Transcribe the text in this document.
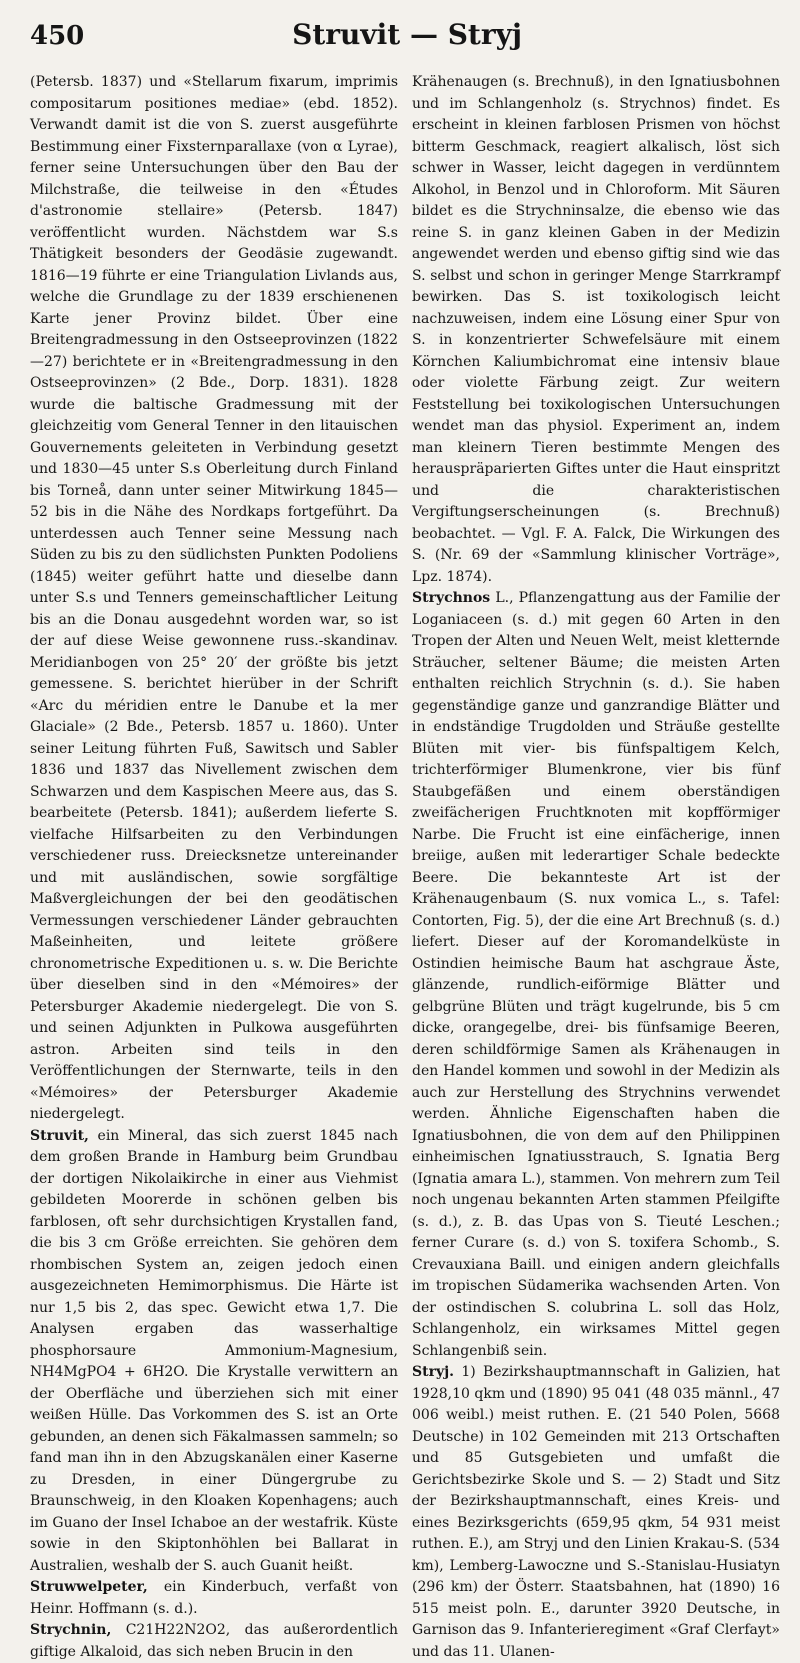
450	Struvit — Stryj

(Petersb. 1837) und «Stellarum fixarum, imprimis compositarum positiones mediae» (ebd. 1852). Verwandt damit ist die von S. zuerst ausgeführte Bestimmung einer Fixsternparallaxe (von α Lyrae), ferner seine Untersuchungen über den Bau der Milchstraße, die teilweise in den «Études d'astronomie stellaire» (Petersb. 1847) veröffentlicht wurden. Nächstdem war S.s Thätigkeit besonders der Geodäsie zugewandt. 1816—19 führte er eine Triangulation Livlands aus, welche die Grundlage zu der 1839 erschienenen Karte jener Provinz bildet. Über eine Breitengradmessung in den Ostseeprovinzen (1822—27) berichtete er in «Breitengradmessung in den Ostseeprovinzen» (2 Bde., Dorp. 1831). 1828 wurde die baltische Gradmessung mit der gleichzeitig vom General Tenner in den litauischen Gouvernements geleiteten in Verbindung gesetzt und 1830—45 unter S.s Oberleitung durch Finland bis Torneå, dann unter seiner Mitwirkung 1845—52 bis in die Nähe des Nordkaps fortgeführt. Da unterdessen auch Tenner seine Messung nach Süden zu bis zu den südlichsten Punkten Podoliens (1845) weiter geführt hatte und dieselbe dann unter S.s und Tenners gemeinschaftlicher Leitung bis an die Donau ausgedehnt worden war, so ist der auf diese Weise gewonnene russ.-skandinav. Meridianbogen von 25° 20′ der größte bis jetzt gemessene. S. berichtet hierüber in der Schrift «Arc du méridien entre le Danube et la mer Glaciale» (2 Bde., Petersb. 1857 u. 1860). Unter seiner Leitung führten Fuß, Sawitsch und Sabler 1836 und 1837 das Nivellement zwischen dem Schwarzen und dem Kaspischen Meere aus, das S. bearbeitete (Petersb. 1841); außerdem lieferte S. vielfache Hilfsarbeiten zu den Verbindungen verschiedener russ. Dreiecksnetze untereinander und mit ausländischen, sowie sorgfältige Maßvergleichungen der bei den geodätischen Vermessungen verschiedener Länder gebrauchten Maßeinheiten, und leitete größere chronometrische Expeditionen u. s. w. Die Berichte über dieselben sind in den «Mémoires» der Petersburger Akademie niedergelegt. Die von S. und seinen Adjunkten in Pulkowa ausgeführten astron. Arbeiten sind teils in den Veröffentlichungen der Sternwarte, teils in den «Mémoires» der Petersburger Akademie niedergelegt.

Struvit, ein Mineral, das sich zuerst 1845 nach dem großen Brande in Hamburg beim Grundbau der dortigen Nikolaikirche in einer aus Viehmist gebildeten Moorerde in schönen gelben bis farblosen, oft sehr durchsichtigen Krystallen fand, die bis 3 cm Größe erreichten. Sie gehören dem rhombischen System an, zeigen jedoch einen ausgezeichneten Hemimorphismus. Die Härte ist nur 1,5 bis 2, das spec. Gewicht etwa 1,7. Die Analysen ergaben das wasserhaltige phosphorsaure Ammonium-Magnesium, NH4MgPO4 + 6H2O. Die Krystalle verwittern an der Oberfläche und überziehen sich mit einer weißen Hülle. Das Vorkommen des S. ist an Orte gebunden, an denen sich Fäkalmassen sammeln; so fand man ihn in den Abzugskanälen einer Kaserne zu Dresden, in einer Düngergrube zu Braunschweig, in den Kloaken Kopenhagens; auch im Guano der Insel Ichaboe an der westafrik. Küste sowie in den Skiptonhöhlen bei Ballarat in Australien, weshalb der S. auch Guanit heißt.

Struwwelpeter, ein Kinderbuch, verfaßt von Heinr. Hoffmann (s. d.).

Strychnin, C21H22N2O2, das außerordentlich giftige Alkaloid, das sich neben Brucin in den

Krähenaugen (s. Brechnuß), in den Ignatiusbohnen und im Schlangenholz (s. Strychnos) findet. Es erscheint in kleinen farblosen Prismen von höchst bitterm Geschmack, reagiert alkalisch, löst sich schwer in Wasser, leicht dagegen in verdünntem Alkohol, in Benzol und in Chloroform. Mit Säuren bildet es die Strychninsalze, die ebenso wie das reine S. in ganz kleinen Gaben in der Medizin angewendet werden und ebenso giftig sind wie das S. selbst und schon in geringer Menge Starrkrampf bewirken. Das S. ist toxikologisch leicht nachzuweisen, indem eine Lösung einer Spur von S. in konzentrierter Schwefelsäure mit einem Körnchen Kaliumbichromat eine intensiv blaue oder violette Färbung zeigt. Zur weitern Feststellung bei toxikologischen Untersuchungen wendet man das physiol. Experiment an, indem man kleinern Tieren bestimmte Mengen des herauspräparierten Giftes unter die Haut einspritzt und die charakteristischen Vergiftungserscheinungen (s. Brechnuß) beobachtet. — Vgl. F. A. Falck, Die Wirkungen des S. (Nr. 69 der «Sammlung klinischer Vorträge», Lpz. 1874).

Strychnos L., Pflanzengattung aus der Familie der Loganiaceen (s. d.) mit gegen 60 Arten in den Tropen der Alten und Neuen Welt, meist kletternde Sträucher, seltener Bäume; die meisten Arten enthalten reichlich Strychnin (s. d.). Sie haben gegenständige ganze und ganzrandige Blätter und in endständige Trugdolden und Sträuße gestellte Blüten mit vier- bis fünfspaltigem Kelch, trichterförmiger Blumenkrone, vier bis fünf Staubgefäßen und einem oberständigen zweifächerigen Fruchtknoten mit kopfförmiger Narbe. Die Frucht ist eine einfächerige, innen breiige, außen mit lederartiger Schale bedeckte Beere. Die bekannteste Art ist der Krähenaugenbaum (S. nux vomica L., s. Tafel: Contorten, Fig. 5), der die eine Art Brechnuß (s. d.) liefert. Dieser auf der Koromandelküste in Ostindien heimische Baum hat aschgraue Äste, glänzende, rundlich-eiförmige Blätter und gelbgrüne Blüten und trägt kugelrunde, bis 5 cm dicke, orangegelbe, drei- bis fünfsamige Beeren, deren schildförmige Samen als Krähenaugen in den Handel kommen und sowohl in der Medizin als auch zur Herstellung des Strychnins verwendet werden. Ähnliche Eigenschaften haben die Ignatiusbohnen, die von dem auf den Philippinen einheimischen Ignatiusstrauch, S. Ignatia Berg (Ignatia amara L.), stammen. Von mehrern zum Teil noch ungenau bekannten Arten stammen Pfeilgifte (s. d.), z. B. das Upas von S. Tieuté Leschen.; ferner Curare (s. d.) von S. toxifera Schomb., S. Crevauxiana Baill. und einigen andern gleichfalls im tropischen Südamerika wachsenden Arten. Von der ostindischen S. colubrina L. soll das Holz, Schlangenholz, ein wirksames Mittel gegen Schlangenbiß sein.

Stryj. 1) Bezirkshauptmannschaft in Galizien, hat 1928,10 qkm und (1890) 95 041 (48 035 männl., 47 006 weibl.) meist ruthen. E. (21 540 Polen, 5668 Deutsche) in 102 Gemeinden mit 213 Ortschaften und 85 Gutsgebieten und umfaßt die Gerichtsbezirke Skole und S. — 2) Stadt und Sitz der Bezirkshauptmannschaft, eines Kreis- und eines Bezirksgerichts (659,95 qkm, 54 931 meist ruthen. E.), am Stryj und den Linien Krakau-S. (534 km), Lemberg-Lawoczne und S.-Stanislau-Husiatyn (296 km) der Österr. Staatsbahnen, hat (1890) 16 515 meist poln. E., darunter 3920 Deutsche, in Garnison das 9. Infanterieregiment «Graf Clerfayt» und das 11. Ulanen-
